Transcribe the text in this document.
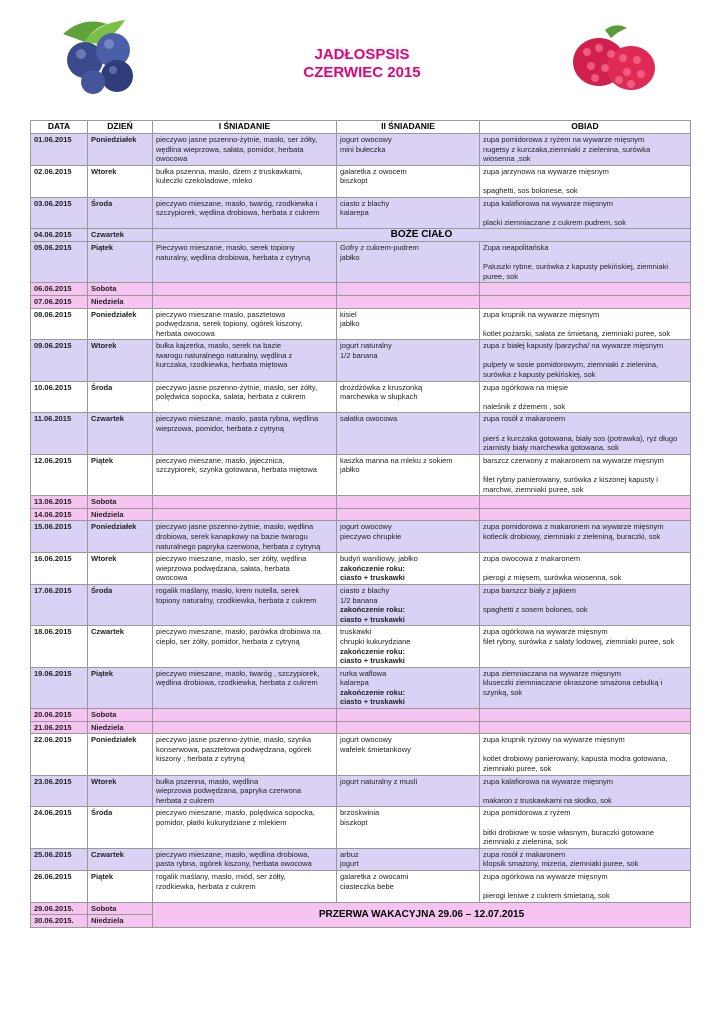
JADŁOSPSIS
CZERWIEC 2015
DATA	DZIEŃ	I ŚNIADANIE	II ŚNIADANIE	OBIAD
01.06.2015	Poniedziałek	pieczywo jasne pszenno-żytnie, masło, ser żółty,
wędlina wieprzowa, sałata, pomidor, herbata
owocowa	jogurt owocowy
mini bułeczka	zupa pomidorowa z ryżem na wywarze mięsnym
nugetsy z kurczaka,ziemniaki z zielenina, surówka
wiosenna ,sok

02.06.2015	Wtorek	bułka pszenna, masło, dżem z truskawkami,
kuleczki czekoladowe, mleko	galaretka z owocem
biszkopt	zupa jarzynowa na wywarze mięsnym
spaghetti, sos bolonese, sok

03.06.2015	Środa	pieczywo mieszane, masło, twaróg, rzodkiewka i
szczypiorek, wędlina drobiowa, herbata z cukrem	ciasto z blachy
kalarepa	zupa kalafiorowa na wywarze mięsnym
placki ziemniaczane z cukrem pudrem, sok

04.06.2015	Czwartek	BOŻE CIAŁO		
05.06.2015	Piątek	Pieczywo mieszane, masło, serek topiony
naturalny, wędlina drobiowa, herbata z cytryną	Gofry z cukrem-pudrem
jabłko	Zupa neapolitańska
Paluszki rybne, surówka z kapusty pekińskiej, ziemniaki
puree, sok

06.06.2015	Sobota			
07.06.2015	Niedziela			
08.06.2015	Poniedziałek	pieczywo mieszane masło, pasztetowa
podwędzana, serek topiony, ogórek kiszony,
herbata owocowa	kisiel
jabłko	zupa krupnik na wywarze mięsnym
kotlet pożarski, sałata ze śmietaną, ziemniaki puree, sok

09.06.2015	Wtorek	bułka kajzerka, masło, serek na bazie
twarogu naturalnego naturalny, wędlina z
kurczaka, rzodkiewka, herbata miętowa	jogurt naturalny
1/2 banana	zupa z białej kapusty /parzycha/ na wywarze mięsnym
pulpety w sosie pomidorowym, ziemniaki z zielenina,
surówka z kapusty pekińskiej, sok

10.06.2015	Środa	pieczywo jasne pszenno-żytnie, masło, ser żółty,
polędwica sopocka, sałata, herbata z cukrem	drożdżówka z kruszonką
marchewka w słupkach	zupa ogórkowa na mięsie
naleśnik z dżemem , sok

11.06.2015	Czwartek	pieczywo mieszane, masło, pasta rybna, wędlina
wieprzowa, pomidor, herbata z cytryną	sałatka owocowa	zupa rosół z makaronem
pierś z kurczaka gotowana, biały sos (potrawka), ryż długo
ziarnisty biały marchewka gotowana, sok

12.06.2015	Piątek	pieczywo mieszane, masło, jajecznica,
szczypiorek, szynka gotowana, herbata miętowa	kaszka manna na mleku z sokiem
jabłko	barszcz czerwony z makaronem na wywarze mięsnym
filet rybny panierowany, surówka z kiszonej kapusty i
marchwi, ziemniaki puree, sok

13.06.2015	Sobota			
14.06.2015	Niedziela			
15.06.2015	Poniedziałek	pieczywo jasne pszenno-żytnie, masło, wędlina
drobiowa, serek kanapkowy na bazie twarogu
naturalnego papryka czerwona, herbata z cytryną	jogurt owocowy
pieczywo chrupkie	zupa pomidorowa z makaronem na wywarze mięsnym
kotlecik drobiowy, ziemniaki z zieleniną, buraczki, sok

16.06.2015	Wtorek	pieczywo mieszane, masło, ser żółty, wędlina
wieprzowa podwędzana, sałata, herbata
owocowa	budyń waniliowy, jabłko
zakończenie roku:
ciasto + truskawki	zupa owocowa z makaronem
pierogi z mięsem, surówka wiosenna, sok

17.06.2015	Środa	rogalik maślany, masło, krem nutella, serek
topiony naturalny, rzodkiewka, herbata z cukrem	ciasto z blachy
1/2 banana
zakończenie roku:
ciasto + truskawki	zupa barszcz biały z jajkiem
spaghetti z sosem bolones, sok

18.06.2015	Czwartek	pieczywo mieszane, masło, parówka drobiowa na
ciepło, ser żółty, pomidor, herbata z cytryną	truskawki
chrupki kukurydziane
zakończenie roku:
ciasto + truskawki	zupa ogórkowa na wywarze mięsnym
filet rybny, surówka z sałaty lodowej, ziemniaki puree, sok

19.06.2015	Piątek	pieczywo mieszane, masło, twaróg , szczypiorek,
wędlina drobiowa, rzodkiewka, herbata z cukrem	rurka waflowa
kalarepa
zakończenie roku:
ciasto + truskawki	zupa ziemniaczana na wywarze mięsnym
kluseczki ziemniaczane okraszone smażona cebulką i
szynką, sok

20.06.2015	Sobota			
21.06.2015	Niedziela			
22.06.2015	Poniedziałek	pieczywo jasne pszenno-żytnie, masło, szynka
konserwowa, pasztetowa podwędzana, ogórek
kiszony , herbata z cytryną	jogurt owocowy
wafelek śmietankowy	zupa krupnik ryżowy na wywarze mięsnym
kotlet drobiowy panierowany, kapusta modra gotowana,
ziemniaki puree, sok

23.06.2015	Wtorek	bułka pszenna, masło, wędlina
wieprzowa podwędzana, papryka czerwona
herbata z cukrem	jogurt naturalny z musli	zupa kalafiorowa na wywarze mięsnym
makaron z truskawkami na słodko, sok

24.06.2015	Środa	pieczywo mieszane, masło, polędwica sopocka,
pomidor, płatki kukurydziane z mlekiem	brzoskwinia
biszkopt	zupa pomidorowa z ryżem
bitki drobiowe w sosie własnym, buraczki gotowane
ziemniaki z zielenina, sok

25.06.2015	Czwartek	pieczywo mieszane, masło, wędlina drobiowa,
pasta rybna, ogórek kiszony, herbata owocowa	arbuz
jogurt	zupa rosół z makaronem
klopsik smażony, mizeria, ziemniaki puree, sok

26.06.2015	Piątek	rogalik maślany, masło, miód, ser żółty,
rzodkiewka, herbata z cukrem	galaretka z owocami
ciasteczka bebe	zupa ogórkowa na wywarze mięsnym
pierogi leniwe z cukrem śmietaną, sok

29.06.2015.	Sobota	PRZERWA WAKACYJNA 29.06 – 12.07.2015		
30.06.2015.	Niedziela			
